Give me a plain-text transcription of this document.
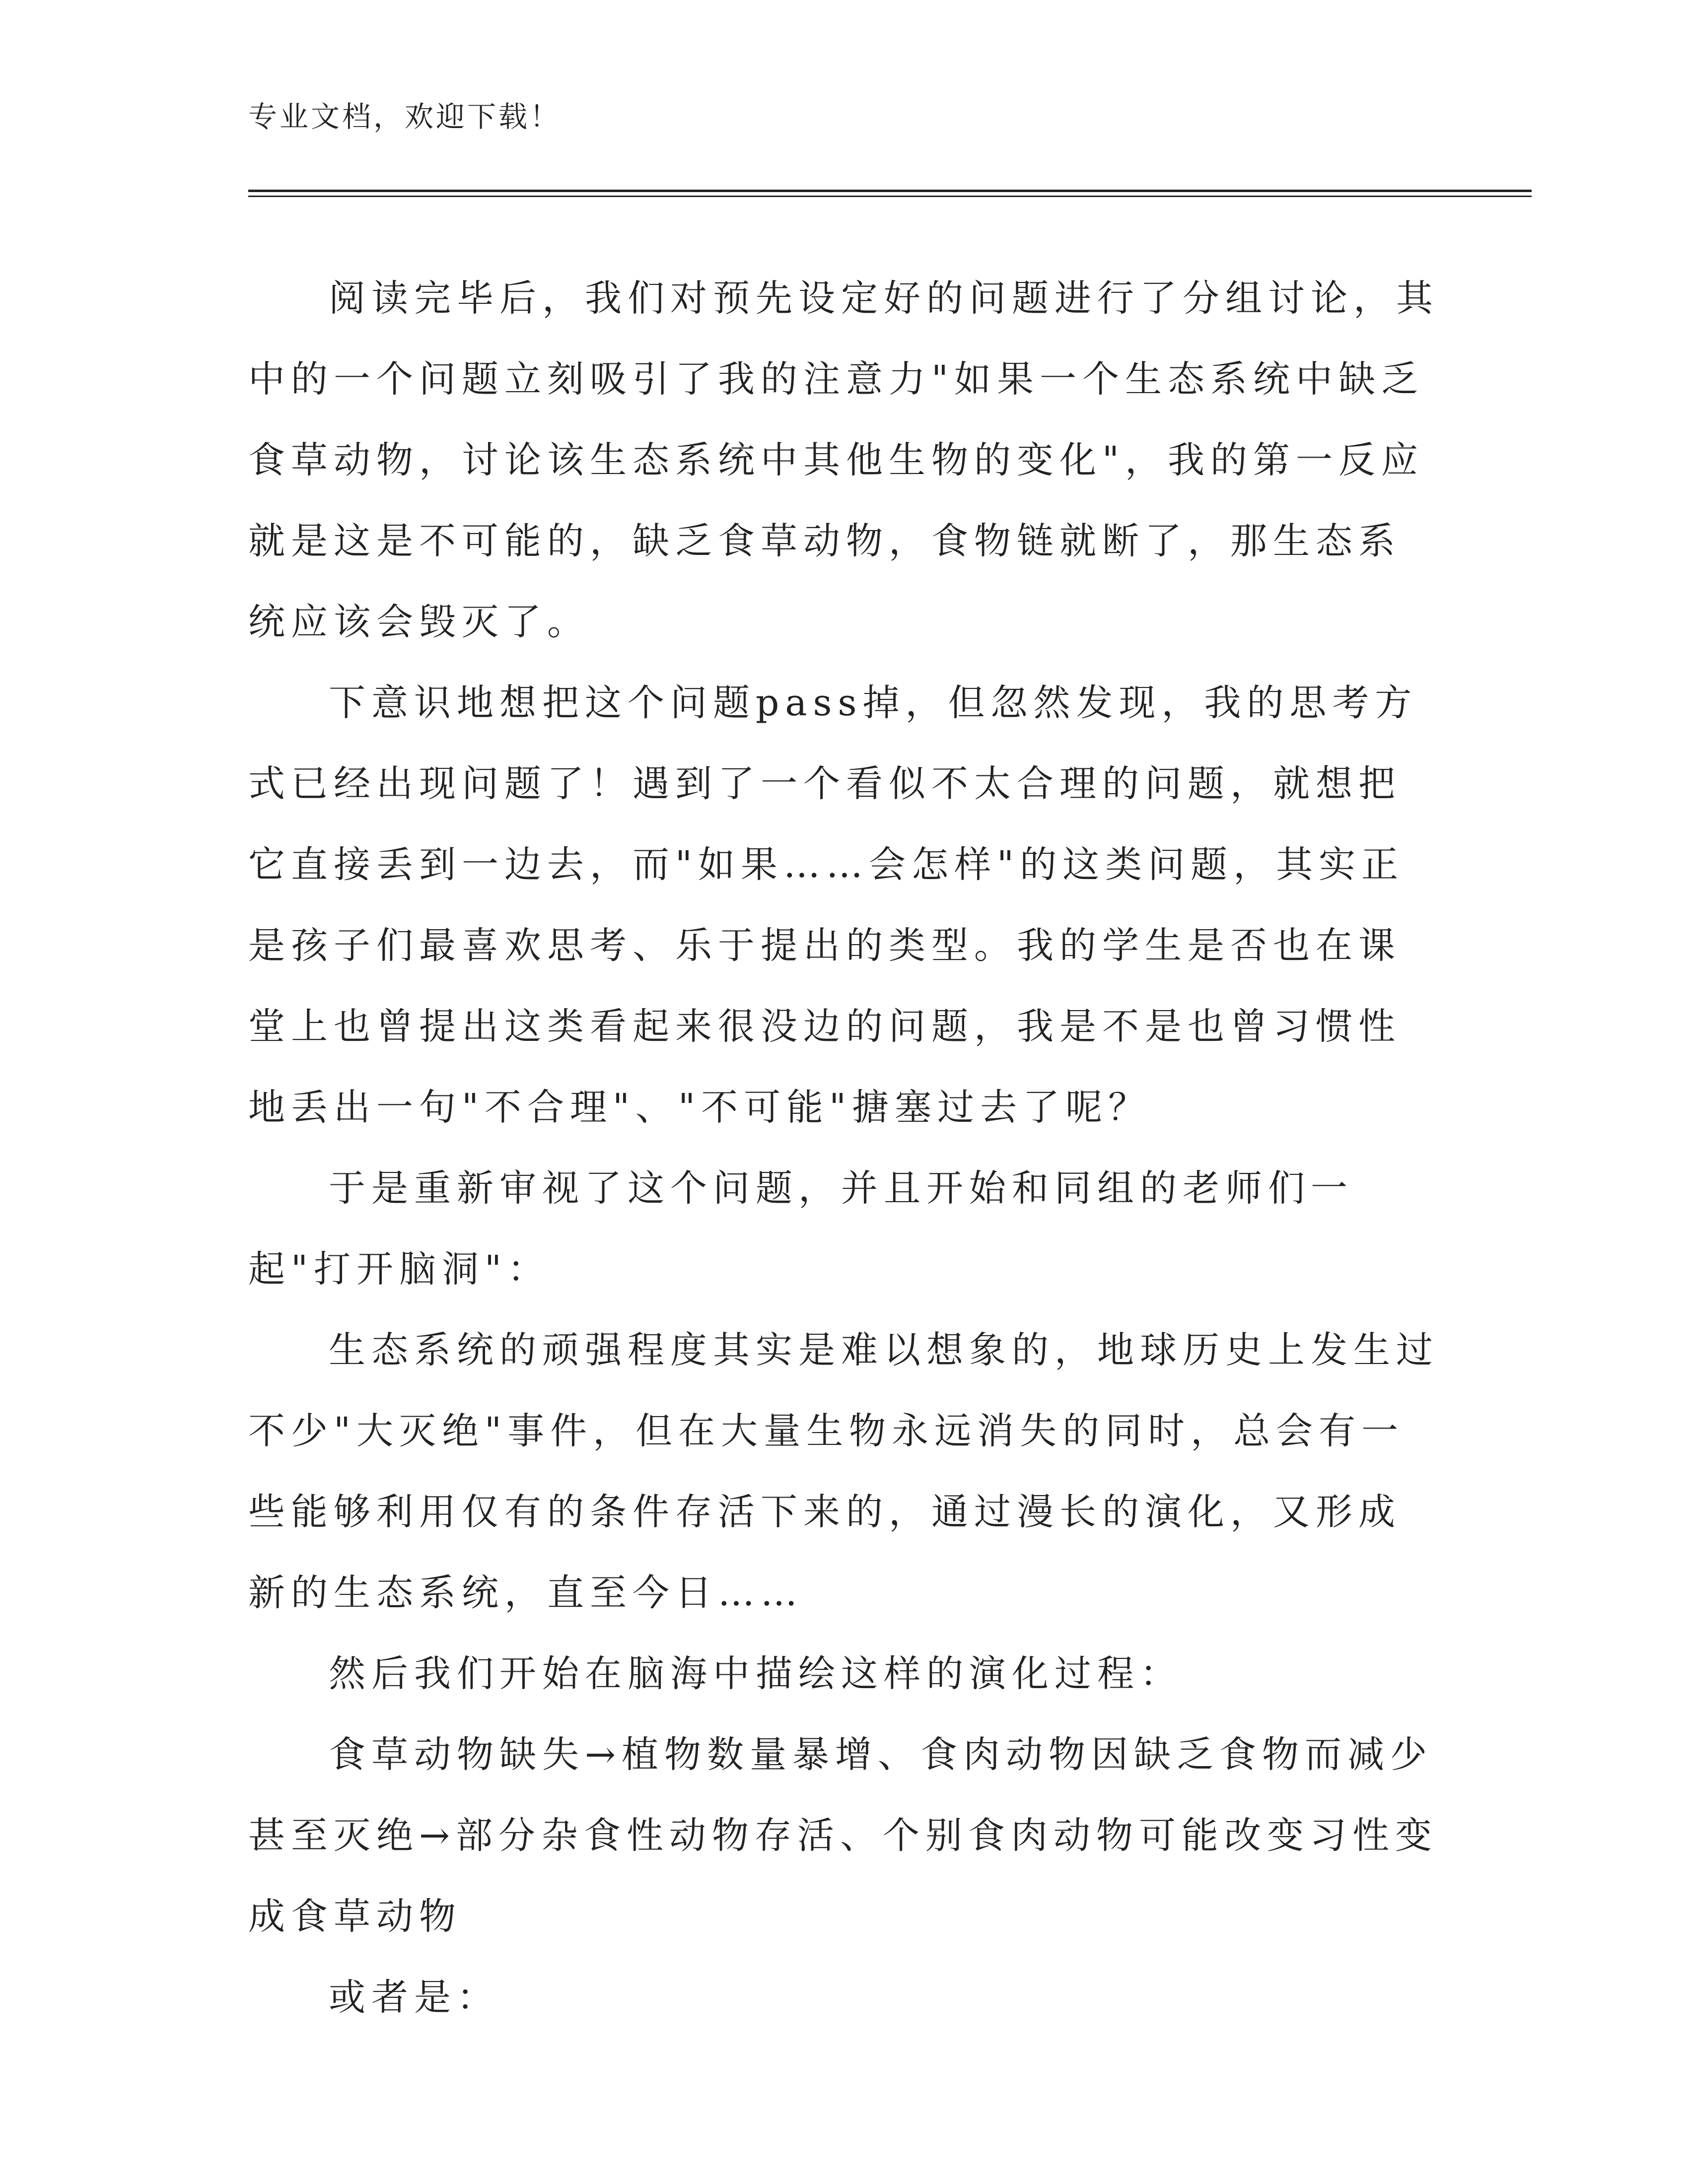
专业文档，欢迎下载！

阅读完毕后，我们对预先设定好的问题进行了分组讨论，其中的一个问题立刻吸引了我的注意力"如果一个生态系统中缺乏食草动物，讨论该生态系统中其他生物的变化"，我的第一反应就是这是不可能的，缺乏食草动物，食物链就断了，那生态系统应该会毁灭了。

下意识地想把这个问题pass掉，但忽然发现，我的思考方式已经出现问题了！遇到了一个看似不太合理的问题，就想把它直接丢到一边去，而"如果……会怎样"的这类问题，其实正是孩子们最喜欢思考、乐于提出的类型。我的学生是否也在课堂上也曾提出这类看起来很没边的问题，我是不是也曾习惯性地丢出一句"不合理"、"不可能"搪塞过去了呢？

于是重新审视了这个问题，并且开始和同组的老师们一起"打开脑洞"：

生态系统的顽强程度其实是难以想象的，地球历史上发生过不少"大灭绝"事件，但在大量生物永远消失的同时，总会有一些能够利用仅有的条件存活下来的，通过漫长的演化，又形成新的生态系统，直至今日……

然后我们开始在脑海中描绘这样的演化过程：

食草动物缺失→植物数量暴增、食肉动物因缺乏食物而减少甚至灭绝→部分杂食性动物存活、个别食肉动物可能改变习性变成食草动物

或者是：
